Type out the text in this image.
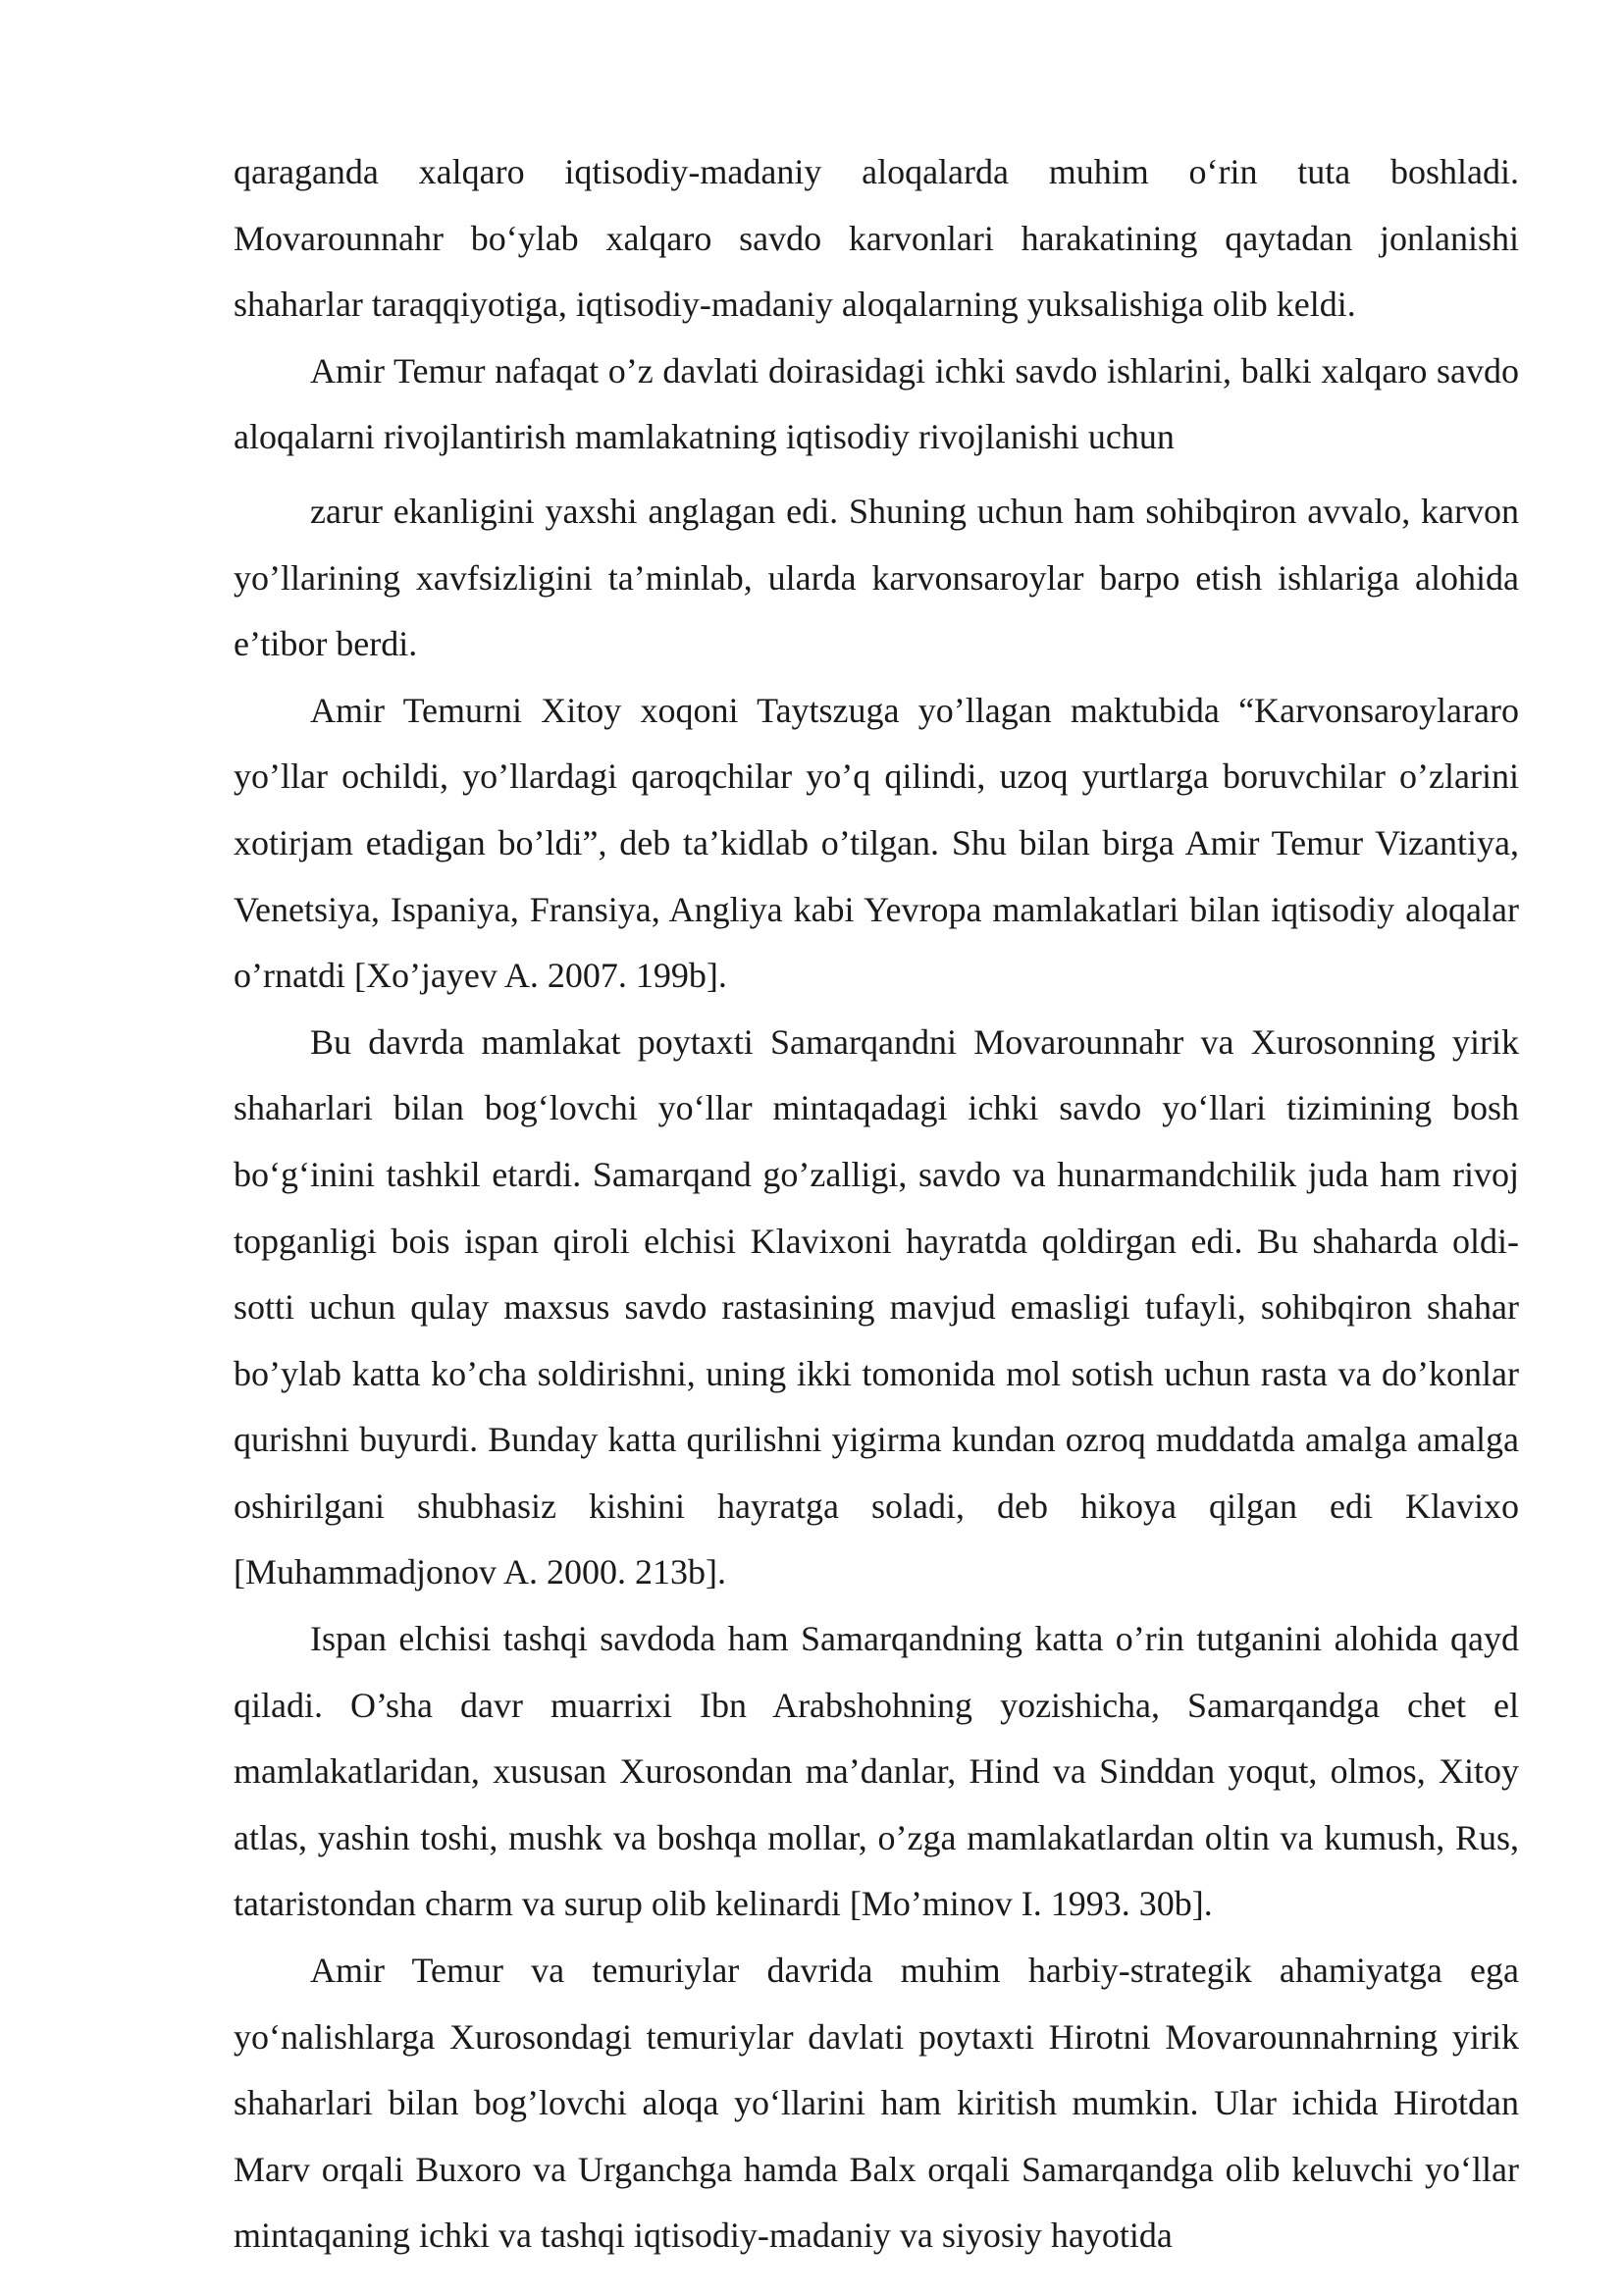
qaraganda xalqaro iqtisodiy-madaniy aloqalarda muhim o‘rin tuta boshladi. Movarounnahr bo‘ylab xalqaro savdo karvonlari harakatining qaytadan jonlanishi shaharlar taraqqiyotiga, iqtisodiy-madaniy aloqalarning yuksalishiga olib keldi.

Amir Temur nafaqat o’z davlati doirasidagi ichki savdo ishlarini, balki xalqaro savdo aloqalarni rivojlantirish mamlakatning iqtisodiy rivojlanishi uchun

zarur ekanligini yaxshi anglagan edi. Shuning uchun ham sohibqiron avvalo, karvon yo’llarining xavfsizligini ta’minlab, ularda karvonsaroylar barpo etish ishlariga alohida e’tibor berdi.

Amir Temurni Xitoy xoqoni Taytszuga yo’llagan maktubida “Karvonsaroylararo yo’llar ochildi, yo’llardagi qaroqchilar yo’q qilindi, uzoq yurtlarga boruvchilar o’zlarini xotirjam etadigan bo’ldi”, deb ta’kidlab o’tilgan. Shu bilan birga Amir Temur Vizantiya, Venetsiya, Ispaniya, Fransiya, Angliya kabi Yevropa mamlakatlari bilan iqtisodiy aloqalar o’rnatdi [Xo’jayev A. 2007. 199b].

Bu davrda mamlakat poytaxti Samarqandni Movarounnahr va Xurosonning yirik shaharlari bilan bog‘lovchi yo‘llar mintaqadagi ichki savdo yo‘llari tizimining bosh bo‘g‘inini tashkil etardi. Samarqand go’zalligi, savdo va hunarmandchilik juda ham rivoj topganligi bois ispan qiroli elchisi Klavixoni hayratda qoldirgan edi. Bu shaharda oldi-sotti uchun qulay maxsus savdo rastasining mavjud emasligi tufayli, sohibqiron shahar bo’ylab katta ko’cha soldirishni, uning ikki tomonida mol sotish uchun rasta va do’konlar qurishni buyurdi. Bunday katta qurilishni yigirma kundan ozroq muddatda amalga amalga oshirilgani shubhasiz kishini hayratga soladi, deb hikoya qilgan edi Klavixo [Muhammadjonov A. 2000. 213b].

Ispan elchisi tashqi savdoda ham Samarqandning katta o’rin tutganini alohida qayd qiladi. O’sha davr muarrixi Ibn Arabshohning yozishicha, Samarqandga chet el mamlakatlaridan, xususan Xurosondan ma’danlar, Hind va Sinddan yoqut, olmos, Xitoy atlas, yashin toshi, mushk va boshqa mollar, o’zga mamlakatlardan oltin va kumush, Rus, tataristondan charm va surup olib kelinardi [Mo’minov I. 1993. 30b].

Amir Temur va temuriylar davrida muhim harbiy-strategik ahamiyatga ega yo‘nalishlarga Xurosondagi temuriylar davlati poytaxti Hirotni Movarounnahrning yirik shaharlari bilan bog’lovchi aloqa yo‘llarini ham kiritish mumkin. Ular ichida Hirotdan Marv orqali Buxoro va Urganchga hamda Balx orqali Samarqandga olib keluvchi yo‘llar mintaqaning ichki va tashqi iqtisodiy-madaniy va siyosiy hayotida
